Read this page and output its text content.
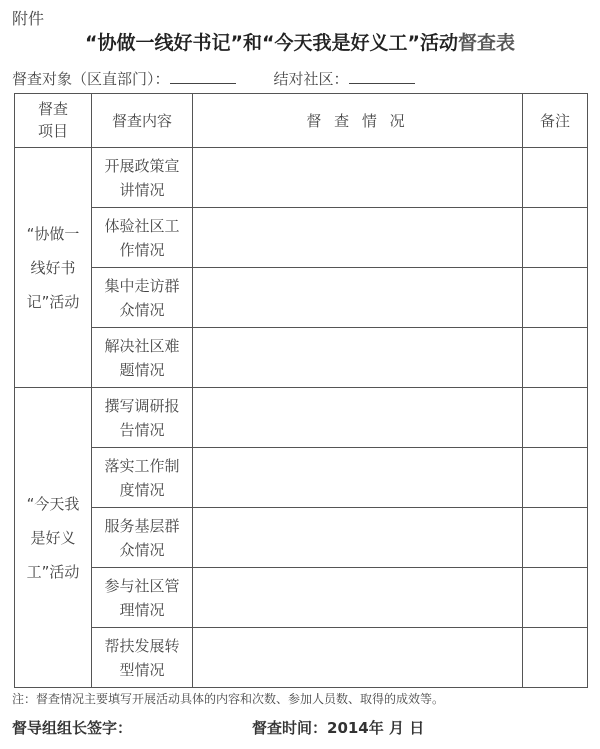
附件
“协做一线好书记”和“今天我是好义工”活动督查表
督查对象（区直部门）：	结对社区：
督查项目	督查内容	督 查 情 况	备注
“协做一线好书记”活动	开展政策宣讲情况		
	体验社区工作情况		
	集中走访群众情况		
	解决社区难题情况		
“今天我是好义工”活动	撰写调研报告情况		
	落实工作制度情况		
	服务基层群众情况		
	参与社区管理情况		
	帮扶发展转型情况		
注：督查情况主要填写开展活动具体的内容和次数、参加人员数、取得的成效等。
督导组组长签字：	督查时间：2014年 月 日
